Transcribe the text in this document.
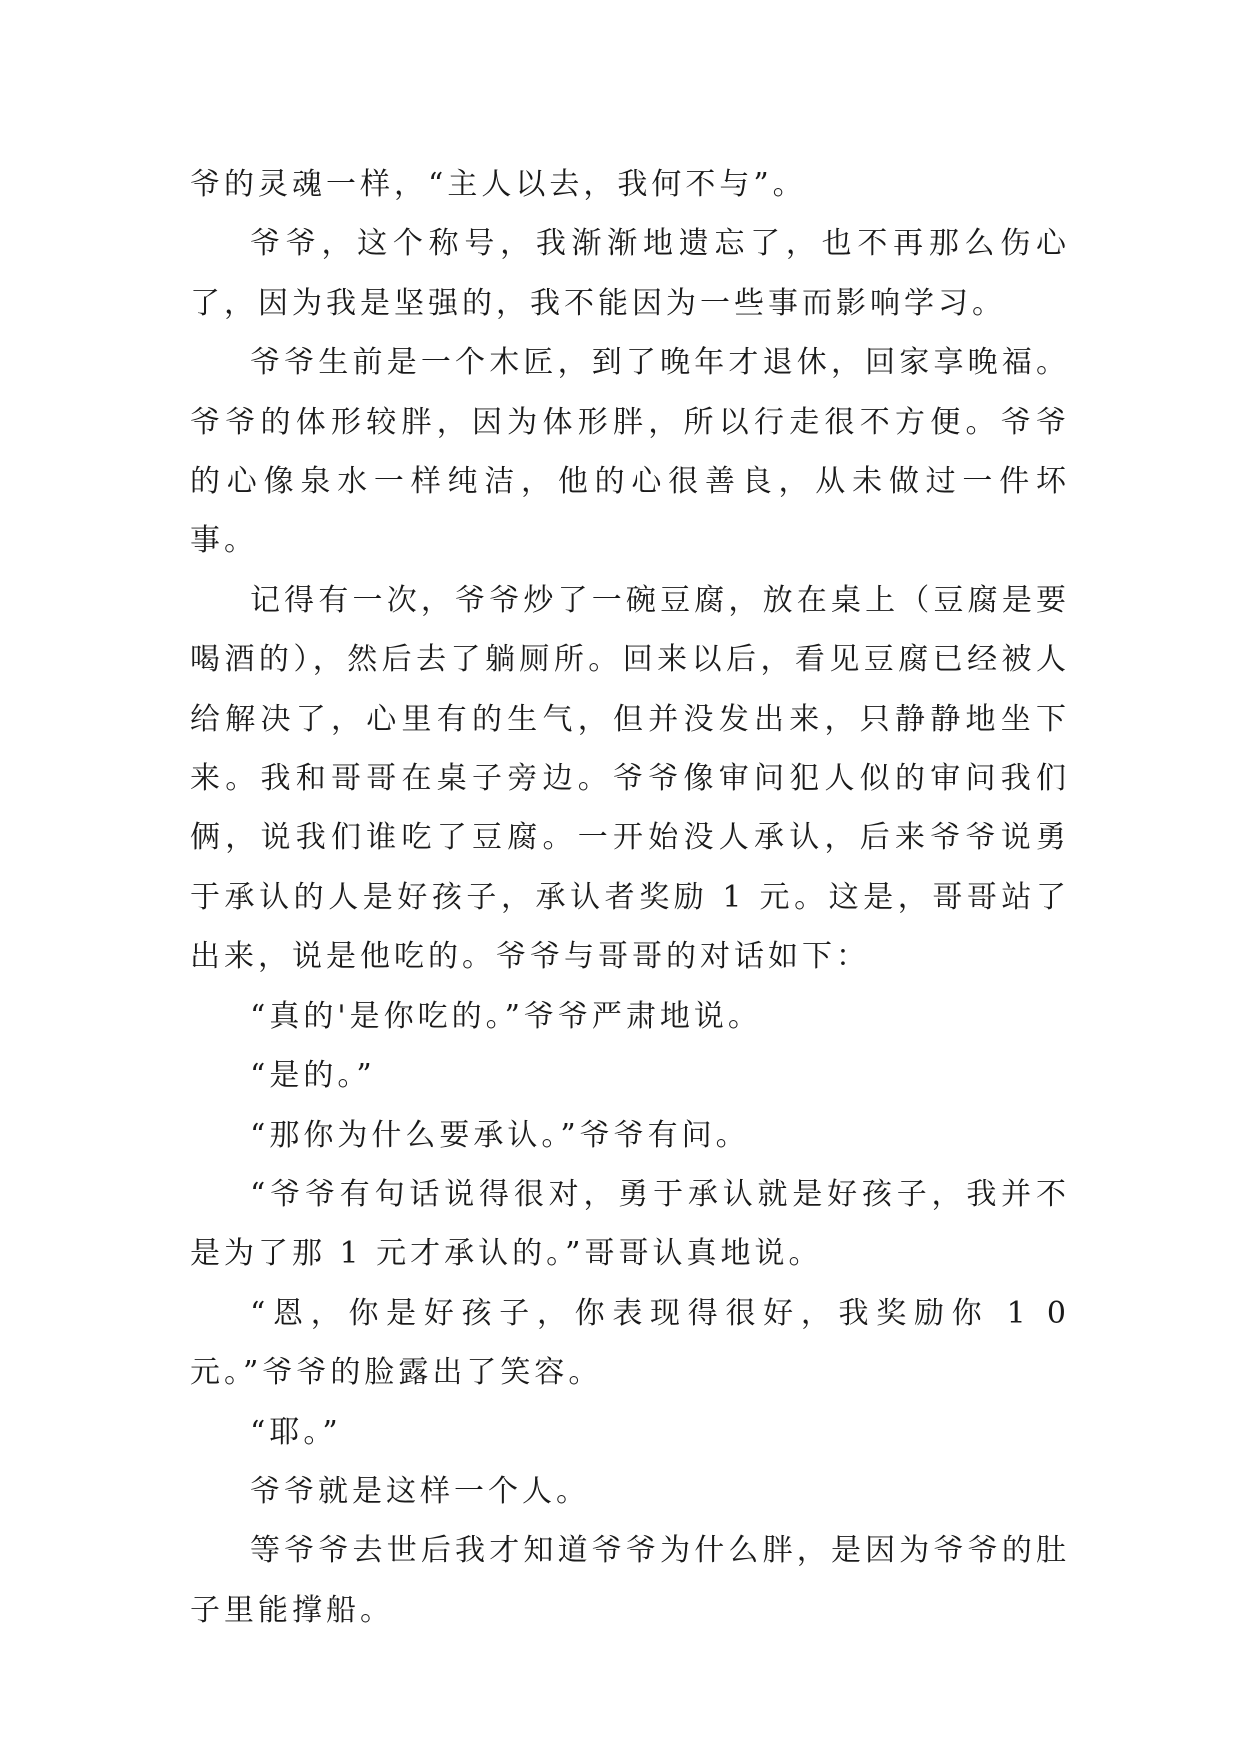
爷的灵魂一样，“主人以去，我何不与”。

爷爷，这个称号，我渐渐地遗忘了，也不再那么伤心了，因为我是坚强的，我不能因为一些事而影响学习。

爷爷生前是一个木匠，到了晚年才退休，回家享晚福。爷爷的体形较胖，因为体形胖，所以行走很不方便。爷爷的心像泉水一样纯洁，他的心很善良，从未做过一件坏事。

记得有一次，爷爷炒了一碗豆腐，放在桌上（豆腐是要喝酒的），然后去了躺厕所。回来以后，看见豆腐已经被人给解决了，心里有的生气，但并没发出来，只静静地坐下来。我和哥哥在桌子旁边。爷爷像审问犯人似的审问我们俩，说我们谁吃了豆腐。一开始没人承认，后来爷爷说勇于承认的人是好孩子，承认者奖励 1 元。这是，哥哥站了出来，说是他吃的。爷爷与哥哥的对话如下：

“真的'是你吃的。”爷爷严肃地说。

“是的。”

“那你为什么要承认。”爷爷有问。

“爷爷有句话说得很对，勇于承认就是好孩子，我并不是为了那 1 元才承认的。”哥哥认真地说。

“恩，你是好孩子，你表现得很好，我奖励你 1 0 元。”爷爷的脸露出了笑容。

“耶。”

爷爷就是这样一个人。

等爷爷去世后我才知道爷爷为什么胖，是因为爷爷的肚子里能撑船。
